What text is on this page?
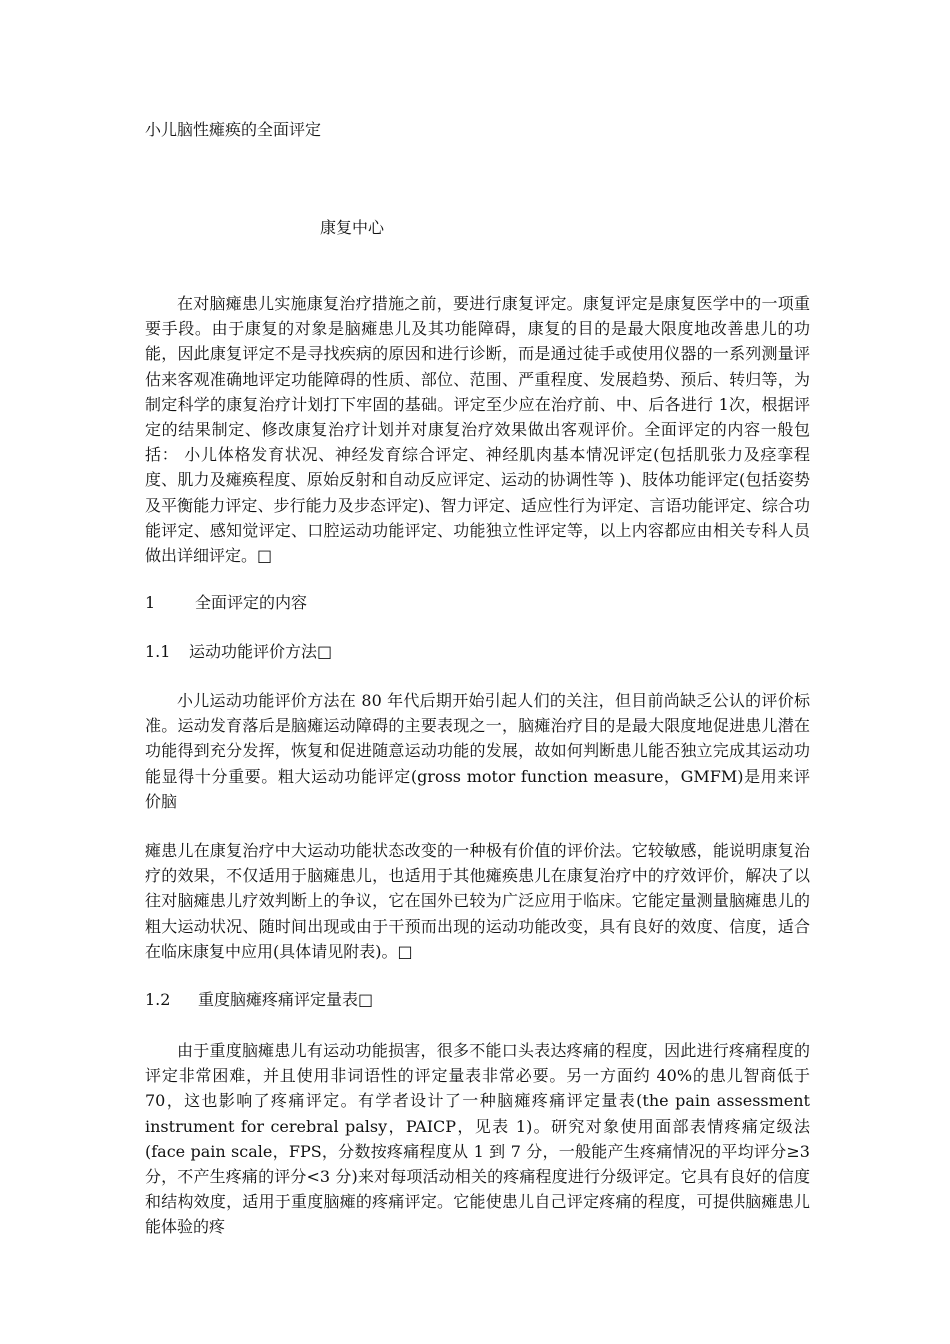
小儿脑性瘫痪的全面评定
康复中心

在对脑瘫患儿实施康复治疗措施之前，要进行康复评定。康复评定是康复医学中的一项重要手段。由于康复的对象是脑瘫患儿及其功能障碍，康复的目的是最大限度地改善患儿的功能，因此康复评定不是寻找疾病的原因和进行诊断，而是通过徒手或使用仪器的一系列测量评估来客观准确地评定功能障碍的性质、部位、范围、严重程度、发展趋势、预后、转归等，为制定科学的康复治疗计划打下牢固的基础。评定至少应在治疗前、中、后各进行 1次，根据评定的结果制定、修改康复治疗计划并对康复治疗效果做出客观评价。全面评定的内容一般包括： 小儿体格发育状况、神经发育综合评定、神经肌肉基本情况评定(包括肌张力及痉挛程度、肌力及瘫痪程度、原始反射和自动反应评定、运动的协调性等 )、肢体功能评定(包括姿势及平衡能力评定、步行能力及步态评定)、智力评定、适应性行为评定、言语功能评定、综合功能评定、感知觉评定、口腔运动功能评定、功能独立性评定等，以上内容都应由相关专科人员做出详细评定。□

1 全面评定的内容
1.1 运动功能评价方法□

小儿运动功能评价方法在 80 年代后期开始引起人们的关注，但目前尚缺乏公认的评价标准。运动发育落后是脑瘫运动障碍的主要表现之一，脑瘫治疗目的是最大限度地促进患儿潜在功能得到充分发挥，恢复和促进随意运动功能的发展，故如何判断患儿能否独立完成其运动功能显得十分重要。粗大运动功能评定(gross motor function measure，GMFM)是用来评价脑

瘫患儿在康复治疗中大运动功能状态改变的一种极有价值的评价法。它较敏感，能说明康复治疗的效果，不仅适用于脑瘫患儿，也适用于其他瘫痪患儿在康复治疗中的疗效评价，解决了以往对脑瘫患儿疗效判断上的争议，它在国外已较为广泛应用于临床。它能定量测量脑瘫患儿的粗大运动状况、随时间出现或由于干预而出现的运动功能改变，具有良好的效度、信度，适合在临床康复中应用(具体请见附表)。□

1.2 重度脑瘫疼痛评定量表□

由于重度脑瘫患儿有运动功能损害，很多不能口头表达疼痛的程度，因此进行疼痛程度的评定非常困难，并且使用非词语性的评定量表非常必要。另一方面约 40%的患儿智商低于 70，这也影响了疼痛评定。有学者设计了一种脑瘫疼痛评定量表(the pain assessment instrument for cerebral palsy，PAICP，见表 1)。研究对象使用面部表情疼痛定级法(face pain scale，FPS，分数按疼痛程度从 1 到 7 分，一般能产生疼痛情况的平均评分≥3 分，不产生疼痛的评分<3 分)来对每项活动相关的疼痛程度进行分级评定。它具有良好的信度和结构效度，适用于重度脑瘫的疼痛评定。它能使患儿自己评定疼痛的程度，可提供脑瘫患儿能体验的疼
